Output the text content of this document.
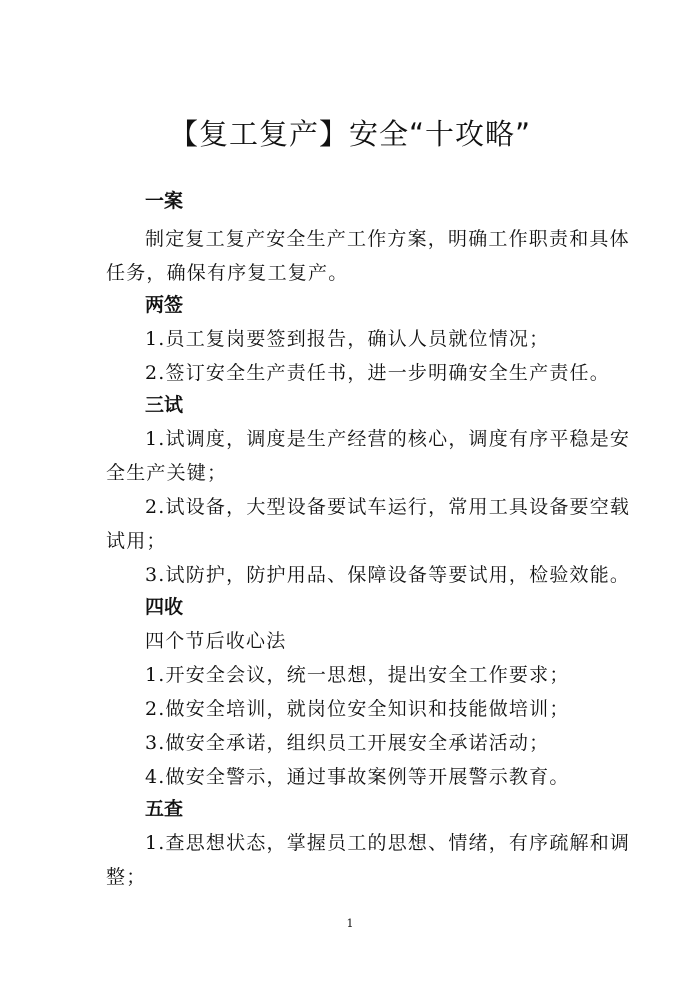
【复工复产】安全“十攻略”
一案
制定复工复产安全生产工作方案，明确工作职责和具体
任务，确保有序复工复产。
两签
1.员工复岗要签到报告，确认人员就位情况；
2.签订安全生产责任书，进一步明确安全生产责任。
三试
1.试调度，调度是生产经营的核心，调度有序平稳是安
全生产关键；
2.试设备，大型设备要试车运行，常用工具设备要空载
试用；
3.试防护，防护用品、保障设备等要试用，检验效能。
四收
四个节后收心法
1.开安全会议，统一思想，提出安全工作要求；
2.做安全培训，就岗位安全知识和技能做培训；
3.做安全承诺，组织员工开展安全承诺活动；
4.做安全警示，通过事故案例等开展警示教育。
五查
1.查思想状态，掌握员工的思想、情绪，有序疏解和调
整；
1
